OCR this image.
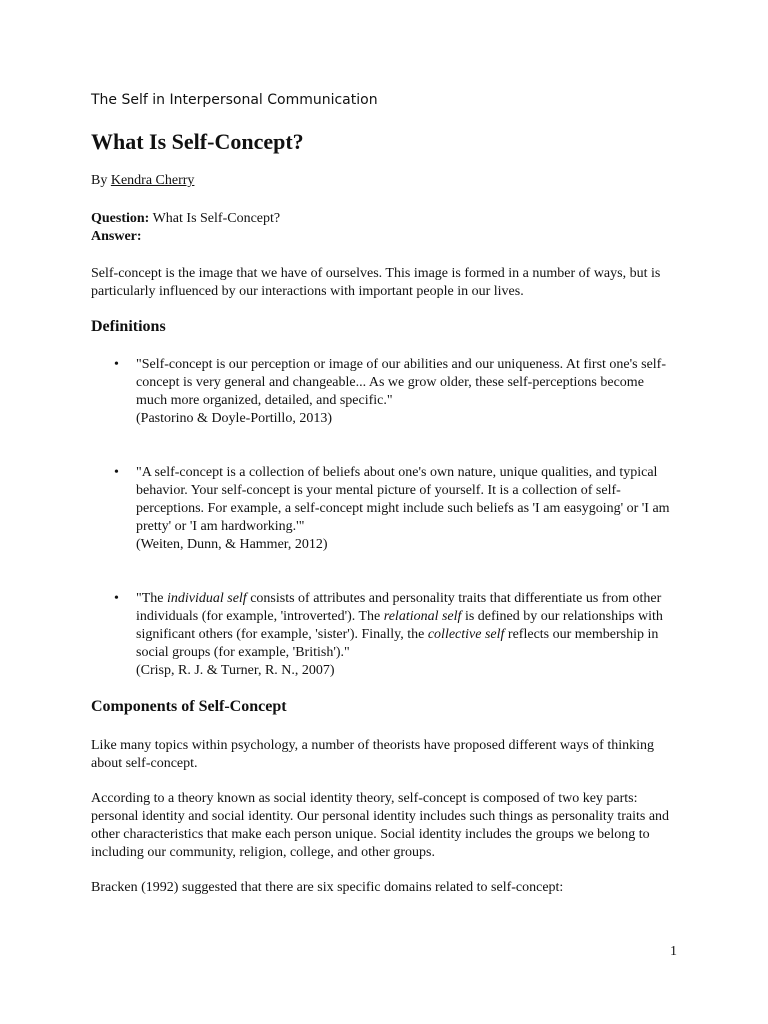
The Self in Interpersonal Communication
What Is Self-Concept?
By Kendra Cherry
Question: What Is Self-Concept?
Answer:

Self-concept is the image that we have of ourselves. This image is formed in a number of ways, but is particularly influenced by our interactions with important people in our lives.

Definitions
• "Self-concept is our perception or image of our abilities and our uniqueness. At first one's self-concept is very general and changeable... As we grow older, these self-perceptions become much more organized, detailed, and specific."
(Pastorino & Doyle-Portillo, 2013)
• "A self-concept is a collection of beliefs about one's own nature, unique qualities, and typical behavior. Your self-concept is your mental picture of yourself. It is a collection of self-perceptions. For example, a self-concept might include such beliefs as 'I am easygoing' or 'I am pretty' or 'I am hardworking.'"
(Weiten, Dunn, & Hammer, 2012)
• "The individual self consists of attributes and personality traits that differentiate us from other individuals (for example, 'introverted'). The relational self is defined by our relationships with significant others (for example, 'sister'). Finally, the collective self reflects our membership in social groups (for example, 'British')."
(Crisp, R. J. & Turner, R. N., 2007)
Components of Self-Concept

Like many topics within psychology, a number of theorists have proposed different ways of thinking about self-concept.

According to a theory known as social identity theory, self-concept is composed of two key parts: personal identity and social identity. Our personal identity includes such things as personality traits and other characteristics that make each person unique. Social identity includes the groups we belong to including our community, religion, college, and other groups.

Bracken (1992) suggested that there are six specific domains related to self-concept:

1
